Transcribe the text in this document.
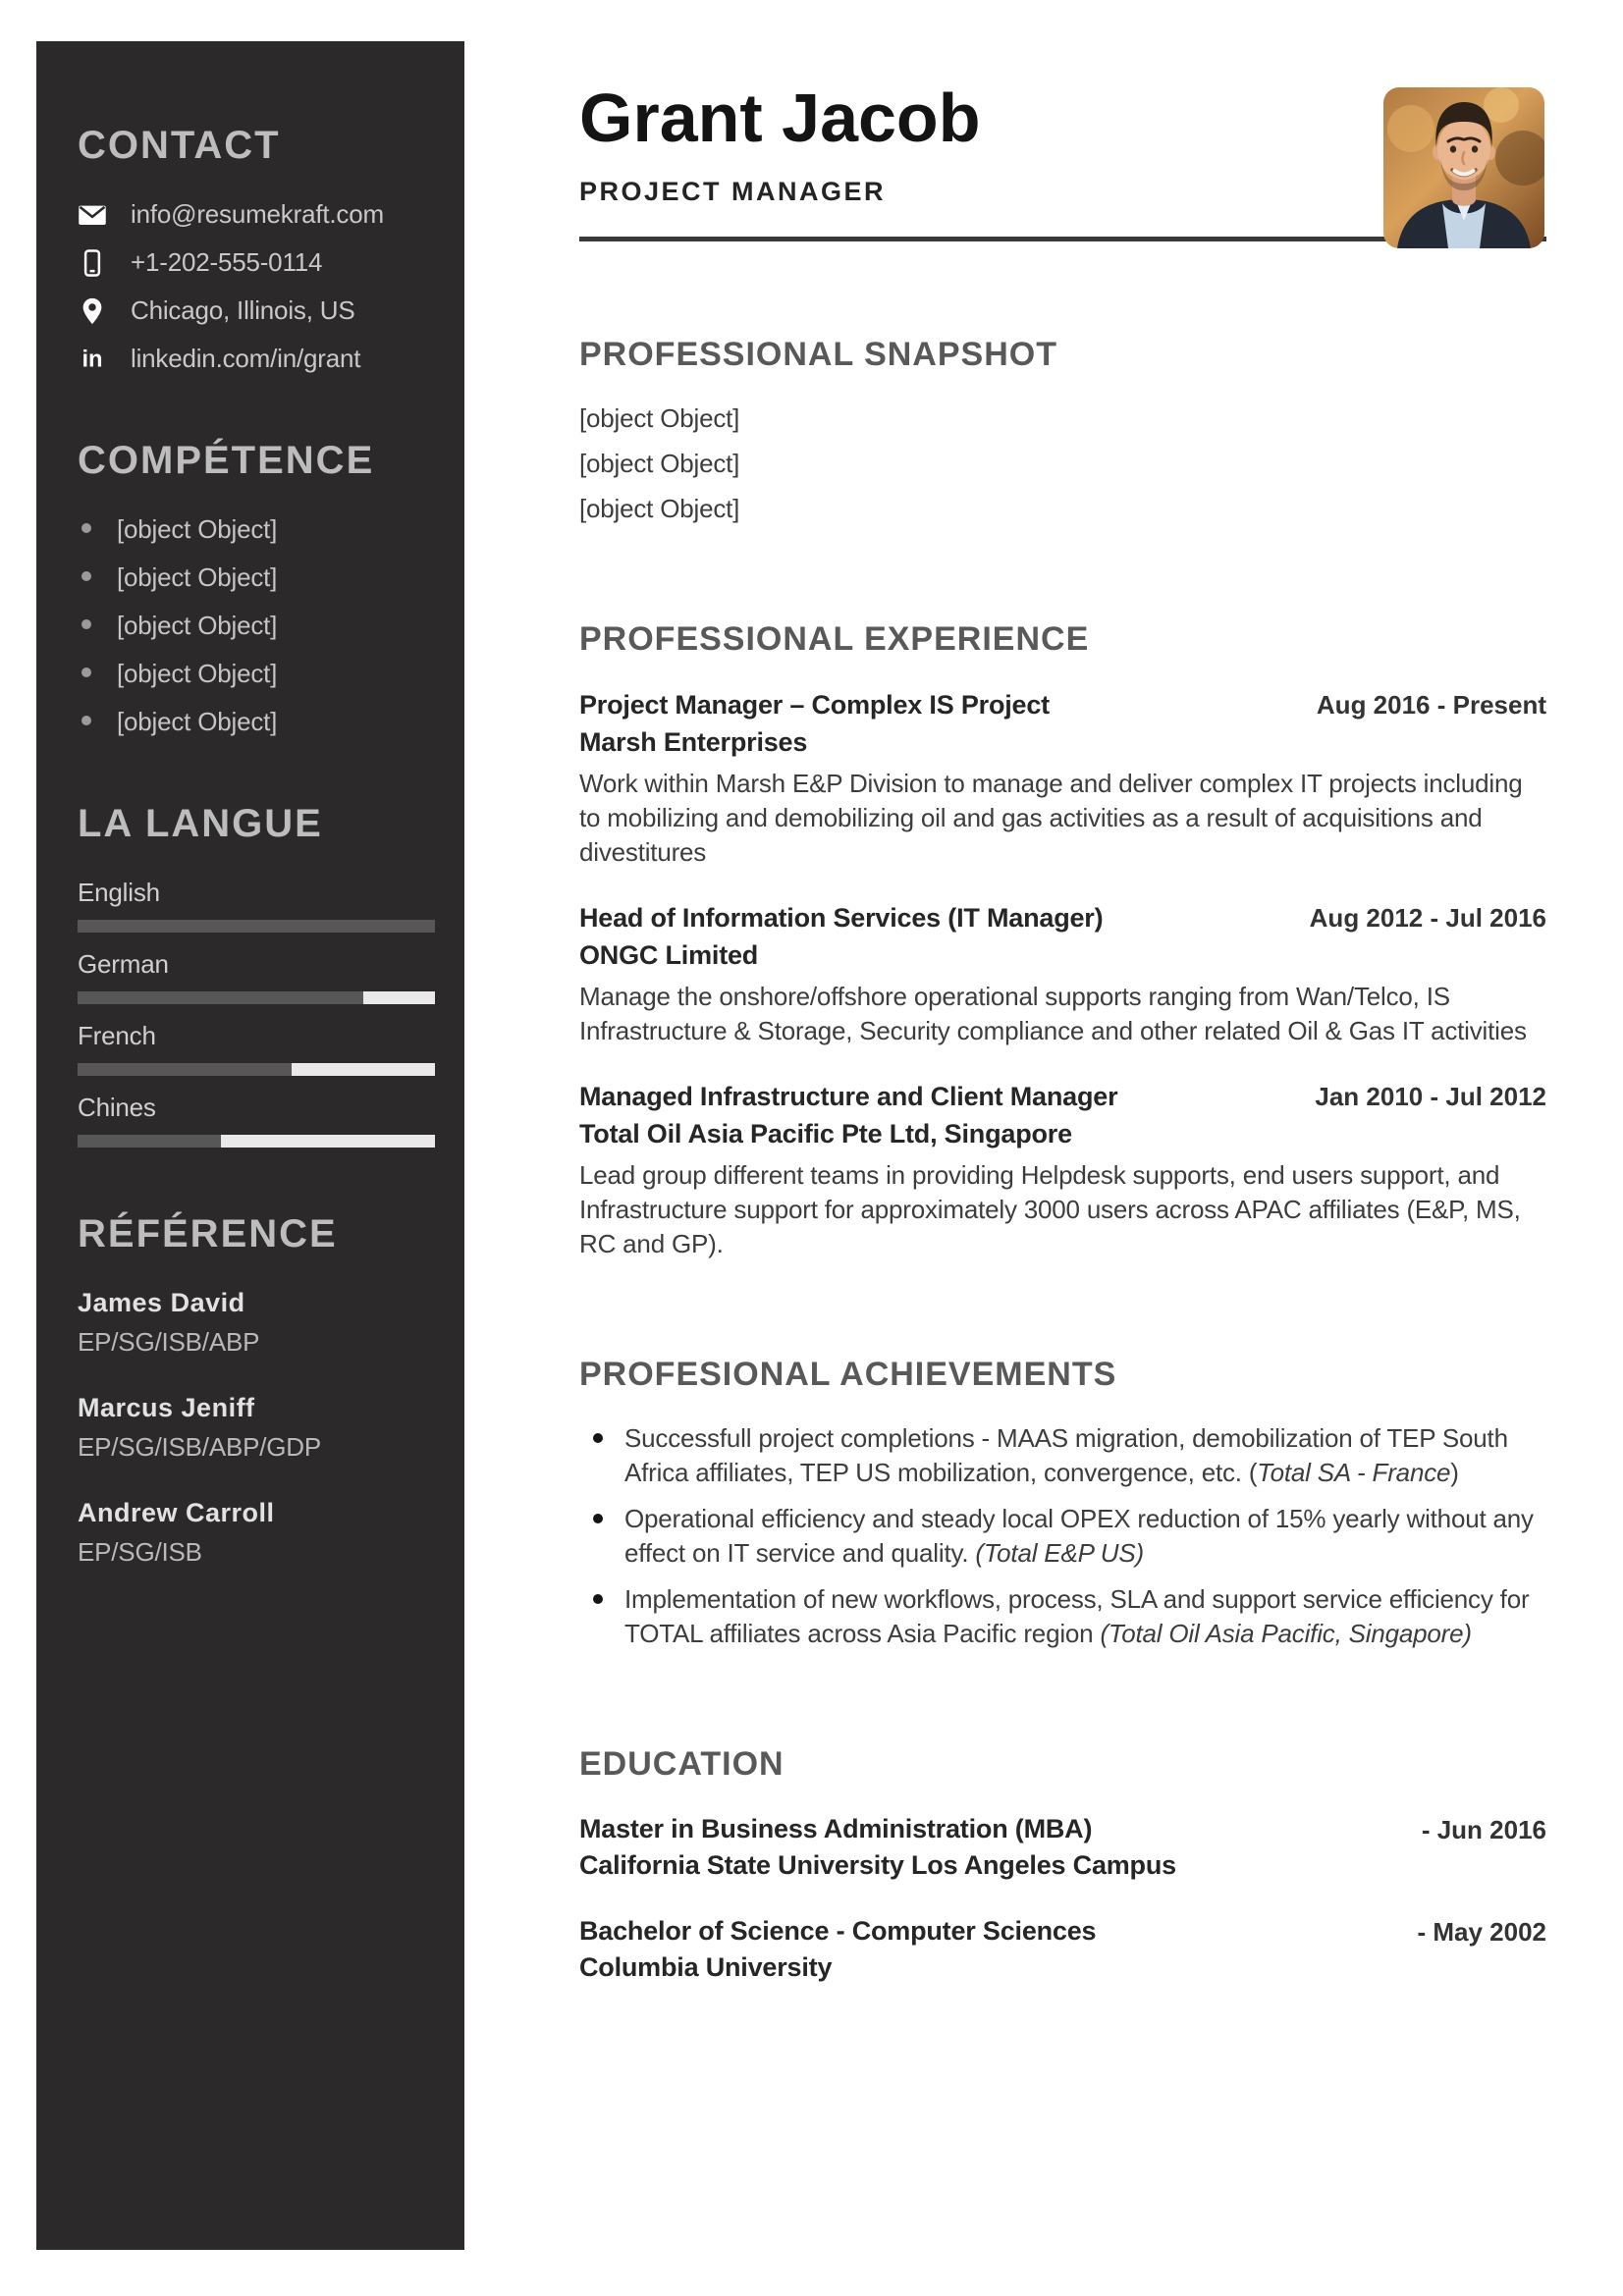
CONTACT
info@resumekraft.com
+1-202-555-0114
Chicago, Illinois, US
in linkedin.com/in/grant
COMPÉTENCE
[object Object]
[object Object]
[object Object]
[object Object]
[object Object]
LA LANGUE
English
German
French
Chines
RÉFÉRENCE
James David
EP/SG/ISB/ABP
Marcus Jeniff
EP/SG/ISB/ABP/GDP
Andrew Carroll
EP/SG/ISB
Grant Jacob
PROJECT MANAGER
PROFESSIONAL SNAPSHOT

[object Object]

[object Object]

[object Object]

PROFESSIONAL EXPERIENCE
Project Manager – Complex IS Project
Marsh Enterprises
Aug 2016 - Present

Work within Marsh E&P Division to manage and deliver complex IT projects including to mobilizing and demobilizing oil and gas activities as a result of acquisitions and divestitures

Head of Information Services (IT Manager)
ONGC Limited
Aug 2012 - Jul 2016

Manage the onshore/offshore operational supports ranging from Wan/Telco, IS Infrastructure & Storage, Security compliance and other related Oil & Gas IT activities

Managed Infrastructure and Client Manager
Total Oil Asia Pacific Pte Ltd, Singapore
Jan 2010 - Jul 2012

Lead group different teams in providing Helpdesk supports, end users support, and Infrastructure support for approximately 3000 users across APAC affiliates (E&P, MS, RC and GP).

PROFESIONAL ACHIEVEMENTS
Successfull project completions - MAAS migration, demobilization of TEP South Africa affiliates, TEP US mobilization, convergence, etc. (Total SA - France)
Operational efficiency and steady local OPEX reduction of 15% yearly without any effect on IT service and quality. (Total E&P US)
Implementation of new workflows, process, SLA and support service efficiency for TOTAL affiliates across Asia Pacific region (Total Oil Asia Pacific, Singapore)
EDUCATION
Master in Business Administration (MBA)
California State University Los Angeles Campus
- Jun 2016
Bachelor of Science - Computer Sciences
Columbia University
- May 2002
